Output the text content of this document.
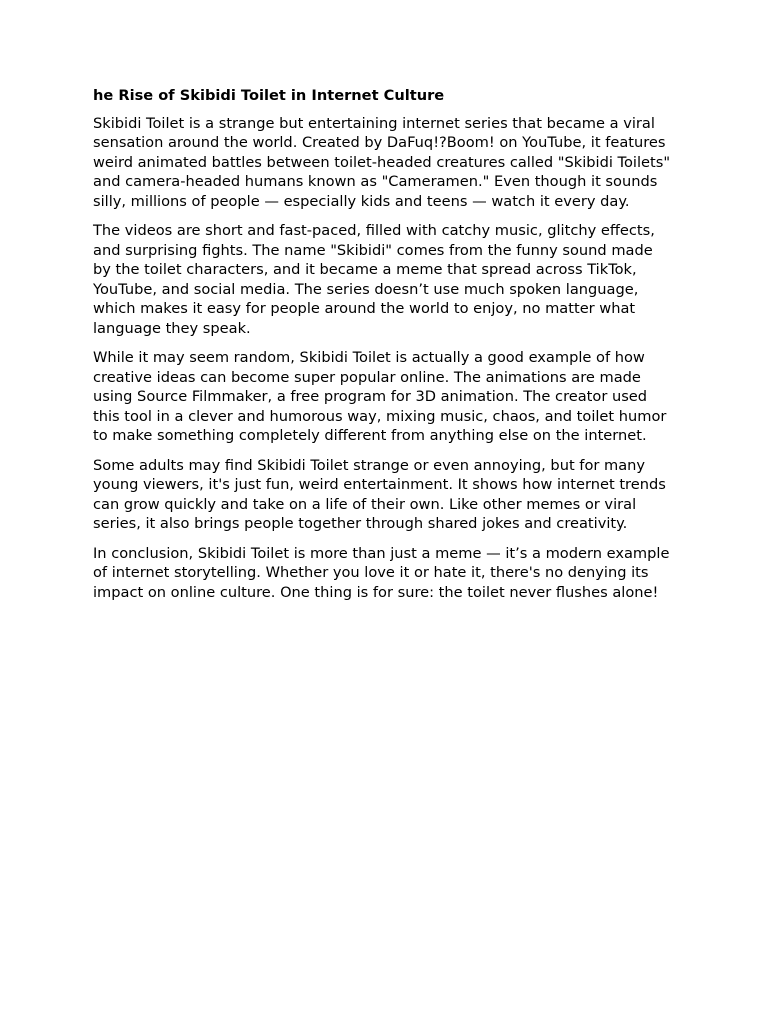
he Rise of Skibidi Toilet in Internet Culture

Skibidi Toilet is a strange but entertaining internet series that became a viral sensation around the world. Created by DaFuq!?Boom! on YouTube, it features weird animated battles between toilet-headed creatures called "Skibidi Toilets" and camera-headed humans known as "Cameramen." Even though it sounds silly, millions of people — especially kids and teens — watch it every day.

The videos are short and fast-paced, filled with catchy music, glitchy effects, and surprising fights. The name "Skibidi" comes from the funny sound made by the toilet characters, and it became a meme that spread across TikTok, YouTube, and social media. The series doesn’t use much spoken language, which makes it easy for people around the world to enjoy, no matter what language they speak.

While it may seem random, Skibidi Toilet is actually a good example of how creative ideas can become super popular online. The animations are made using Source Filmmaker, a free program for 3D animation. The creator used this tool in a clever and humorous way, mixing music, chaos, and toilet humor to make something completely different from anything else on the internet.

Some adults may find Skibidi Toilet strange or even annoying, but for many young viewers, it's just fun, weird entertainment. It shows how internet trends can grow quickly and take on a life of their own. Like other memes or viral series, it also brings people together through shared jokes and creativity.

In conclusion, Skibidi Toilet is more than just a meme — it’s a modern example of internet storytelling. Whether you love it or hate it, there's no denying its impact on online culture. One thing is for sure: the toilet never flushes alone!
